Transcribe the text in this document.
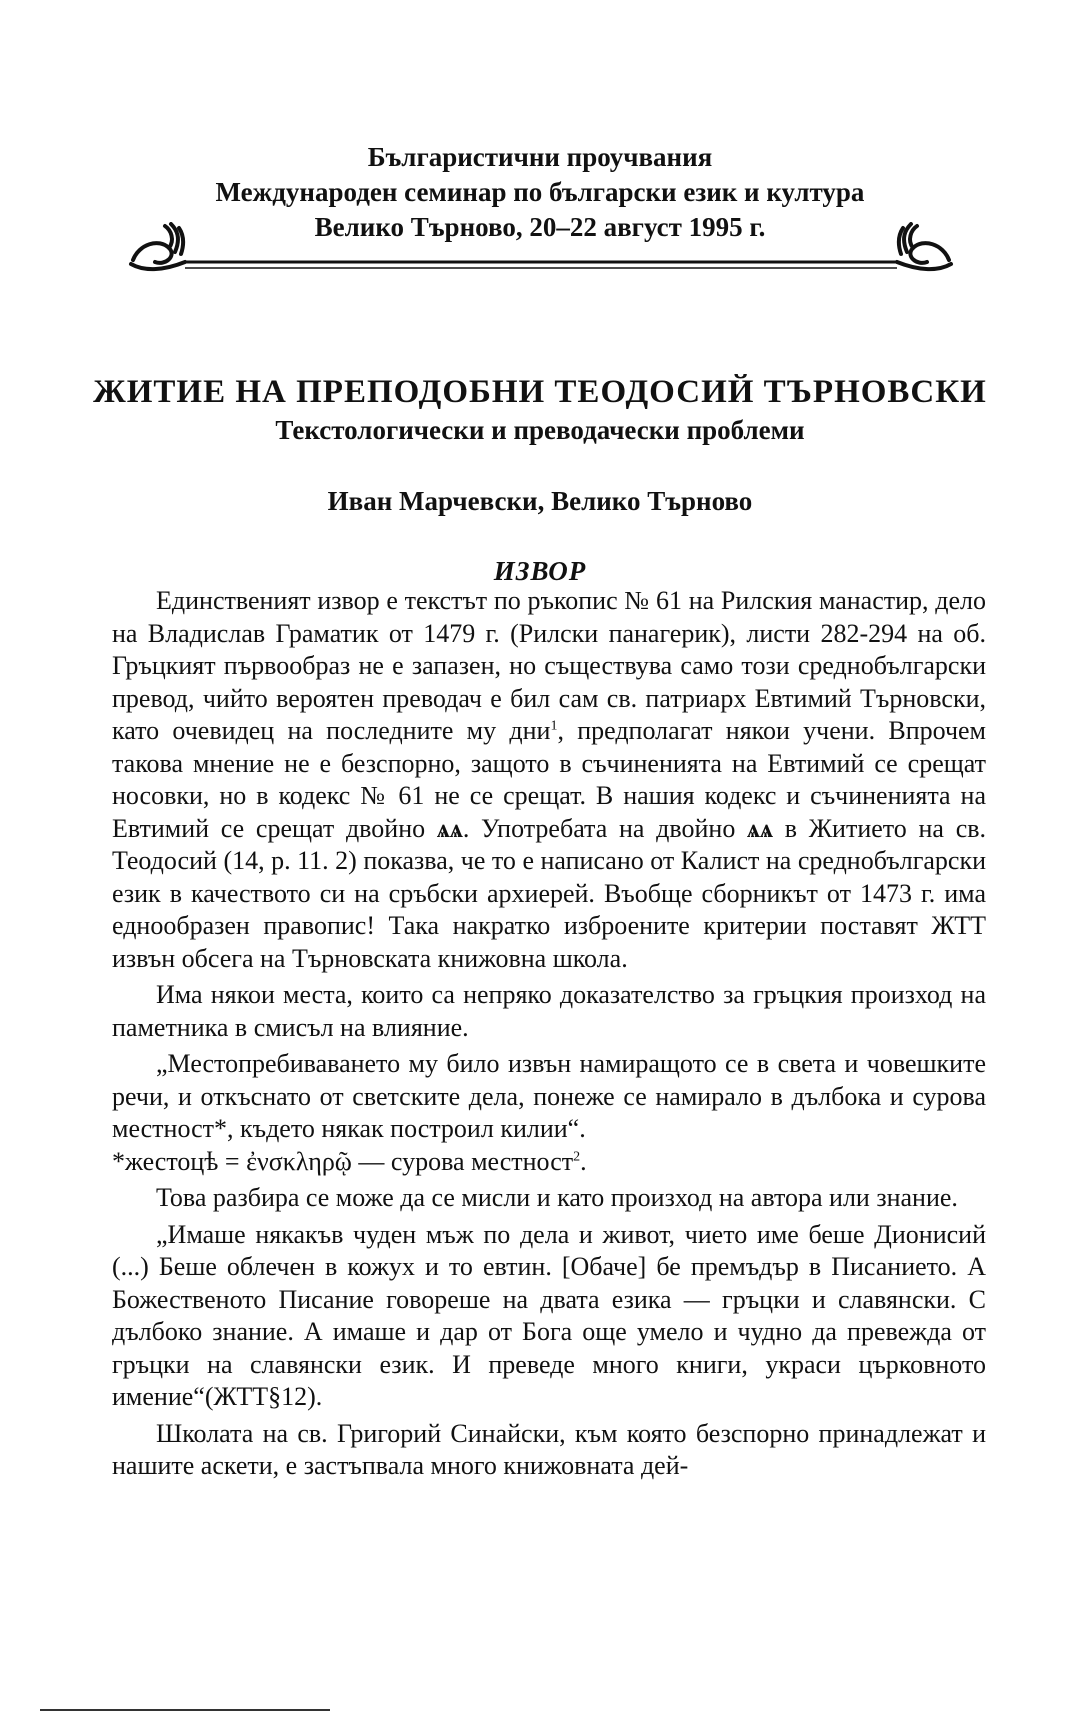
Българистични проучвания
Международен семинар по български език и култура
Велико Търново, 20–22 август 1995 г.
ЖИТИЕ НА ПРЕПОДОБНИ ТЕОДОСИЙ ТЪРНОВСКИ
Текстологически и преводачески проблеми
Иван Марчевски, Велико Търново
ИЗВОР

Единственият извор е текстът по ръкопис № 61 на Рилския манастир, дело на Владислав Граматик от 1479 г. (Рилски панагерик), листи 282-294 на об. Гръцкият първообраз не е запазен, но съществува само този среднобългарски превод, чийто вероятен преводач е бил сам св. патриарх Евтимий Търновски, като очевидец на последните му дни$^1$, предполагат някои учени. Впрочем такова мнение не е безспорно, защото в съчиненията на Евтимий се срещат носовки, но в кодекс № 61 не се срещат. В нашия кодекс и съчиненията на Евтимий се срещат двойно ѧѧ. Употребата на двойно ѧѧ в Житието на св. Теодосий (14, р. 11. 2) показва, че то е написано от Калист на среднобългарски език в качеството си на сръбски архиерей. Въобще сборникът от 1473 г. има еднообразен правопис! Така накратко изброените критерии поставят ЖТТ извън обсега на Търновската книжовна школа.

Има някои места, които са непряко доказателство за гръцкия произход на паметника в смисъл на влияние.

„Местопребиваването му било извън намиращото се в света и човешките речи, и откъснато от светските дела, понеже се намирало в дълбока и сурова местност*, където някак построил килии“.
*жестоцѣ = ἐνσκληρῷ — сурова местност$^2$.

Това разбира се може да се мисли и като произход на автора или знание.

„Имаше някакъв чуден мъж по дела и живот, чието име беше Дионисий (...) Беше облечен в кожух и то евтин. [Обаче] бе премъдър в Писанието. А Божественото Писание говореше на двата езика — гръцки и славянски. С дълбоко знание. А имаше и дар от Бога още умело и чудно да превежда от гръцки на славянски език. И преведе много книги, украси църковното имение“(ЖТТ§12).

Школата на св. Григорий Синайски, към която безспорно принадлежат и нашите аскети, е застъпвала много книжовната дей-
